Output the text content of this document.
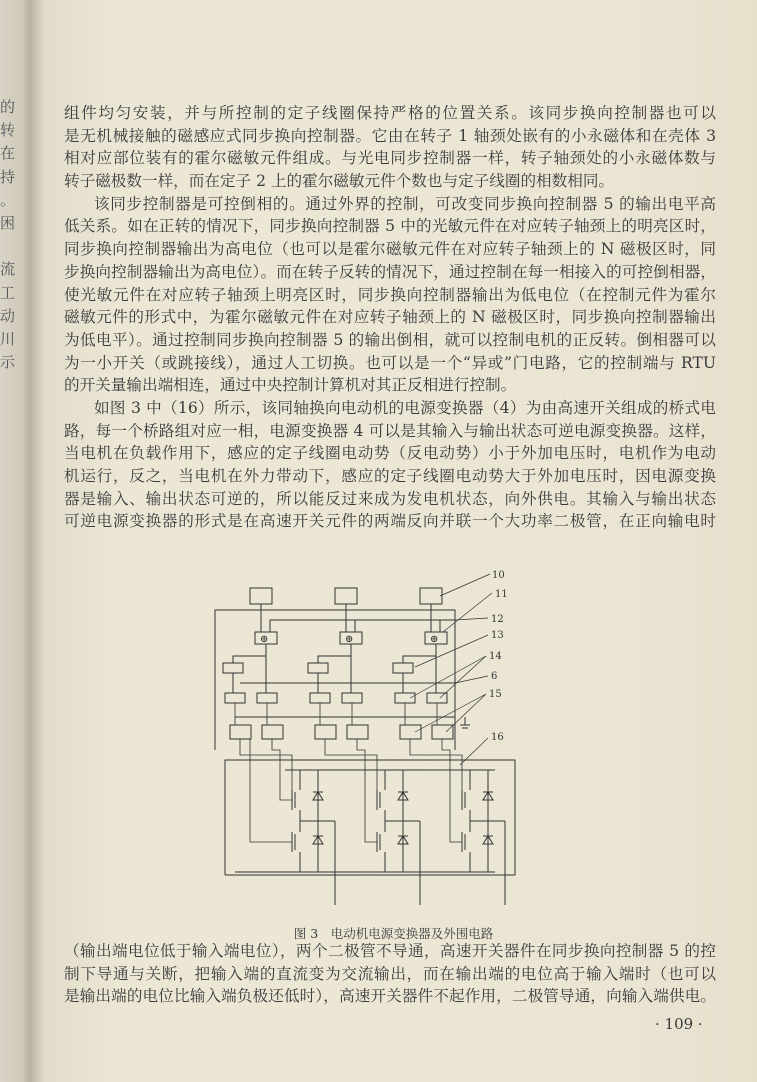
的
转
在
持
。
困
流
工
动
川
示
组件均匀安装，并与所控制的定子线圈保持严格的位置关系。该同步换向控制器也可以
是无机械接触的磁感应式同步换向控制器。它由在转子 1 轴颈处嵌有的小永磁体和在壳体 3
相对应部位装有的霍尔磁敏元件组成。与光电同步控制器一样，转子轴颈处的小永磁体数与
转子磁极数一样，而在定子 2 上的霍尔磁敏元件个数也与定子线圈的相数相同。
该同步控制器是可控倒相的。通过外界的控制，可改变同步换向控制器 5 的输出电平高
低关系。如在正转的情况下，同步换向控制器 5 中的光敏元件在对应转子轴颈上的明亮区时，
同步换向控制器输出为高电位（也可以是霍尔磁敏元件在对应转子轴颈上的 N 磁极区时，同
步换向控制器输出为高电位）。而在转子反转的情况下，通过控制在每一相接入的可控倒相器，
使光敏元件在对应转子轴颈上明亮区时，同步换向控制器输出为低电位（在控制元件为霍尔
磁敏元件的形式中，为霍尔磁敏元件在对应转子轴颈上的 N 磁极区时，同步换向控制器输出
为低电平）。通过控制同步换向控制器 5 的输出倒相，就可以控制电机的正反转。倒相器可以
为一小开关（或跳接线），通过人工切换。也可以是一个“异或”门电路，它的控制端与 RTU
的开关量输出端相连，通过中央控制计算机对其正反相进行控制。
如图 3 中（16）所示，该同轴换向电动机的电源变换器（4）为由高速开关组成的桥式电
路，每一个桥路组对应一相，电源变换器 4 可以是其输入与输出状态可逆电源变换器。这样，
当电机在负载作用下，感应的定子线圈电动势（反电动势）小于外加电压时，电机作为电动
机运行，反之，当电机在外力带动下，感应的定子线圈电动势大于外加电压时，因电源变换
器是输入、输出状态可逆的，所以能反过来成为发电机状态，向外供电。其输入与输出状态
可逆电源变换器的形式是在高速开关元件的两端反向并联一个大功率二极管，在正向输电时
⊕	⊕	⊕
10
11
12
13
14
6
15
16
图 3　电动机电源变换器及外围电路
（输出端电位低于输入端电位），两个二极管不导通，高速开关器件在同步换向控制器 5 的控
制下导通与关断，把输入端的直流变为交流输出，而在输出端的电位高于输入端时（也可以
是输出端的电位比输入端负极还低时），高速开关器件不起作用，二极管导通，向输入端供电。
· 109 ·
